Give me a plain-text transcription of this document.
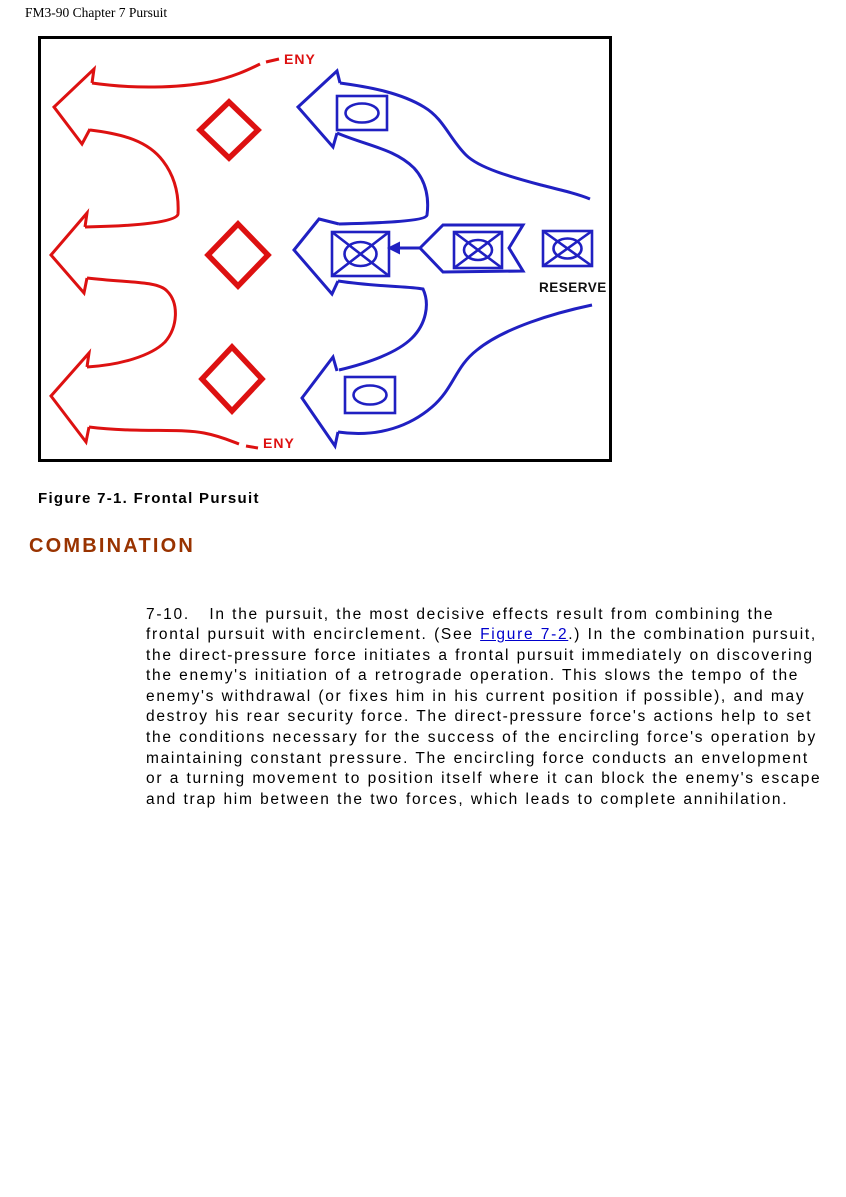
FM3-90 Chapter 7 Pursuit
ENY
ENY
RESERVE
Figure 7-1. Frontal Pursuit
COMBINATION

7-10.   In the pursuit, the most decisive effects result from combining the frontal pursuit with encirclement. (See Figure 7-2.) In the combination pursuit, the direct-pressure force initiates a frontal pursuit immediately on discovering the enemy's initiation of a retrograde operation. This slows the tempo of the enemy's withdrawal (or fixes him in his current position if possible), and may destroy his rear security force. The direct-pressure force's actions help to set the conditions necessary for the success of the encircling force's operation by maintaining constant pressure. The encircling force conducts an envelopment or a turning movement to position itself where it can block the enemy's escape and trap him between the two forces, which leads to complete annihilation.
